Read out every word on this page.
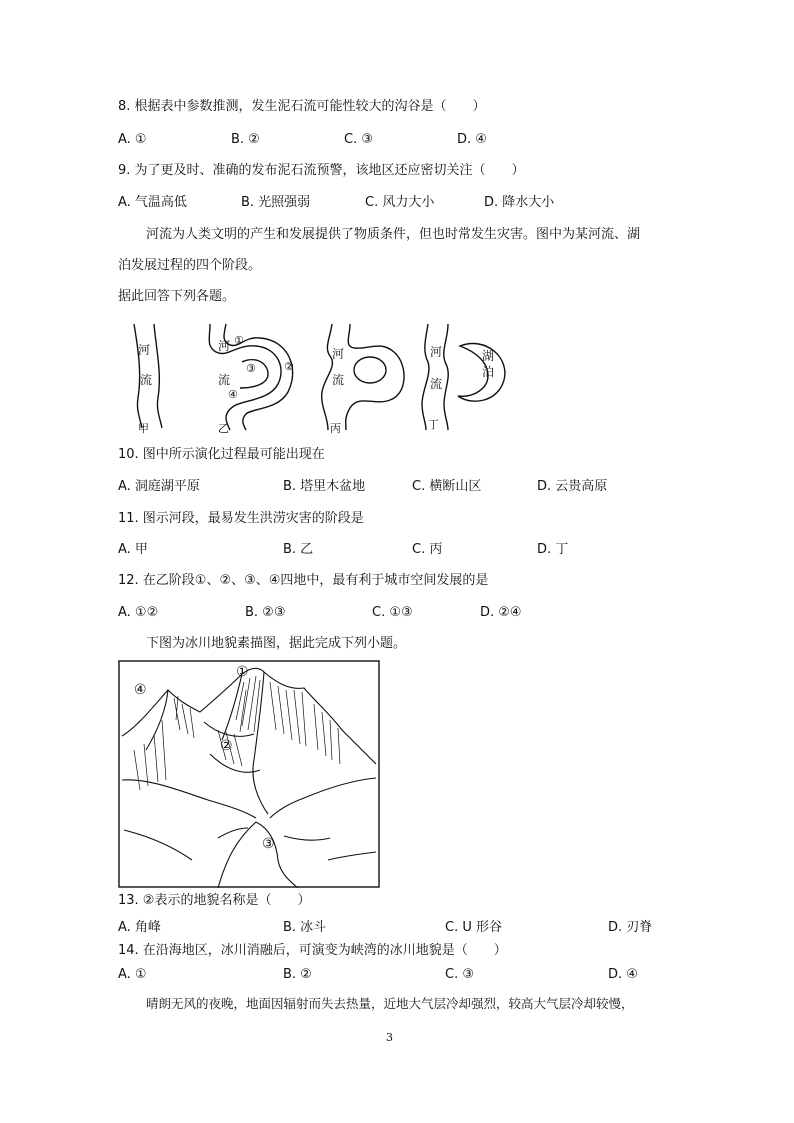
8. 根据表中参数推测，发生泥石流可能性较大的沟谷是（　　）
A. ①	B. ②	C. ③	D. ④
9. 为了更及时、准确的发布泥石流预警，该地区还应密切关注（　　）
A. 气温高低	B. 光照强弱	C. 风力大小	D. 降水大小
河流为人类文明的产生和发展提供了物质条件，但也时常发生灾害。图中为某河流、湖
泊发展过程的四个阶段。
据此回答下列各题。
河
流
甲
河
流
①
②
③
④
乙
河
流
丙
河
流
湖
泊
丁
10. 图中所示演化过程最可能出现在
A. 洞庭湖平原	B. 塔里木盆地	C. 横断山区	D. 云贵高原
11. 图示河段，最易发生洪涝灾害的阶段是
A. 甲	B. 乙	C. 丙	D. 丁
12. 在乙阶段①、②、③、④四地中，最有利于城市空间发展的是
A. ①②	B. ②③	C. ①③	D. ②④
下图为冰川地貌素描图，据此完成下列小题。
①
②
③
④
13. ②表示的地貌名称是（　　）
A. 角峰	B. 冰斗	C. U 形谷	D. 刃脊
14. 在沿海地区，冰川消融后，可演变为峡湾的冰川地貌是（　　）
A. ①	B. ②	C. ③	D. ④
晴朗无风的夜晚，地面因辐射而失去热量，近地大气层冷却强烈，较高大气层冷却较慢，
3
